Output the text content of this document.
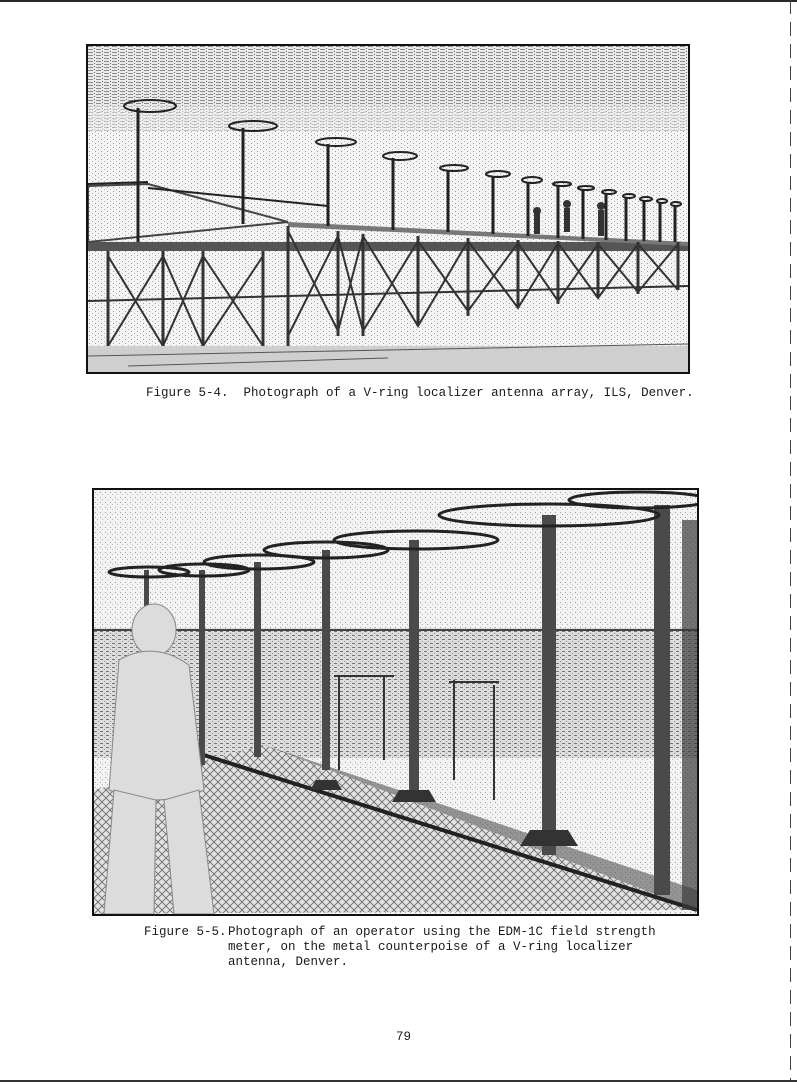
Figure 5-4. Photograph of a V-ring localizer antenna array, ILS, Denver.
Figure 5-5. Photograph of an operator using the EDM-1C field strength
meter, on the metal counterpoise of a V-ring localizer
antenna, Denver.
79
